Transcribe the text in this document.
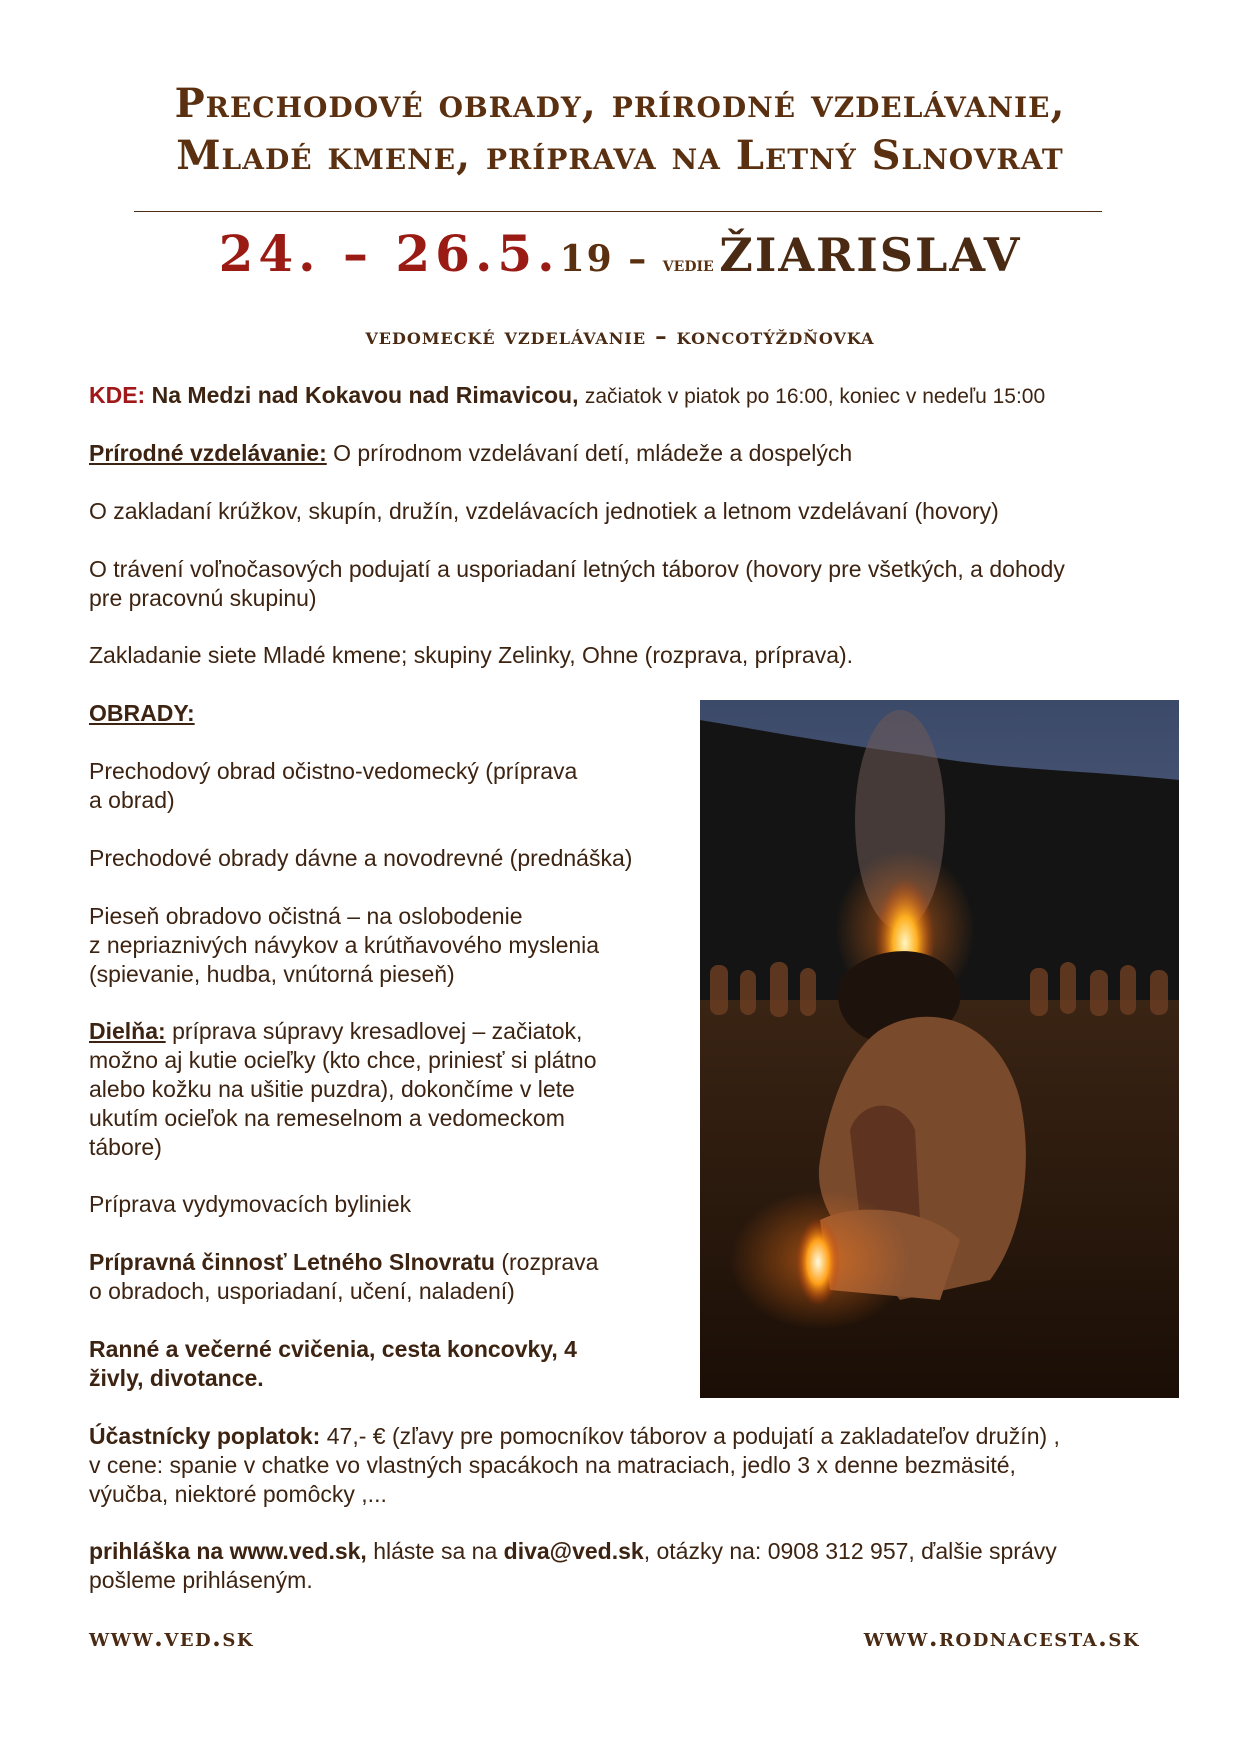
Prechodové obrady, prírodné vzdelávanie,
Mladé kmene, príprava na Letný Slnovrat
24. – 26.5.19 – vedie ŽIARISLAV
vedomecké vzdelávanie – koncotýždňovka
KDE: Na Medzi nad Kokavou nad Rimavicou, začiatok v piatok po 16:00, koniec v nedeľu 15:00
Prírodné vzdelávanie: O prírodnom vzdelávaní detí, mládeže a dospelých
O zakladaní krúžkov, skupín, družín, vzdelávacích jednotiek a letnom vzdelávaní (hovory)
O trávení voľnočasových podujatí a usporiadaní letných táborov (hovory pre všetkých, a dohody
pre pracovnú skupinu)
Zakladanie siete Mladé kmene; skupiny Zelinky, Ohne (rozprava, príprava).
OBRADY:
Prechodový obrad očistno-vedomecký (príprava
a obrad)
Prechodové obrady dávne a novodrevné (prednáška)
Pieseň obradovo očistná – na oslobodenie
z nepriaznivých návykov a krútňavového myslenia
(spievanie, hudba, vnútorná pieseň)
Dielňa: príprava súpravy kresadlovej – začiatok,
možno aj kutie ocieľky (kto chce, priniesť si plátno
alebo kožku na ušitie puzdra), dokončíme v lete
ukutím ocieľok na remeselnom a vedomeckom
tábore)
Príprava vydymovacích byliniek
Prípravná činnosť Letného Slnovratu (rozprava
o obradoch, usporiadaní, učení, naladení)
Ranné a večerné cvičenia, cesta koncovky, 4
živly, divotance.
Účastnícky poplatok: 47,- € (zľavy pre pomocníkov táborov a podujatí a zakladateľov družín) ,
v cene: spanie v chatke vo vlastných spacákoch na matraciach, jedlo 3 x denne bezmäsité,
výučba, niektoré pomôcky ,...
prihláška na www.ved.sk, hláste sa na diva@ved.sk, otázky na: 0908 312 957, ďalšie správy
pošleme prihláseným.
www.ved.sk	www.rodnacesta.sk
